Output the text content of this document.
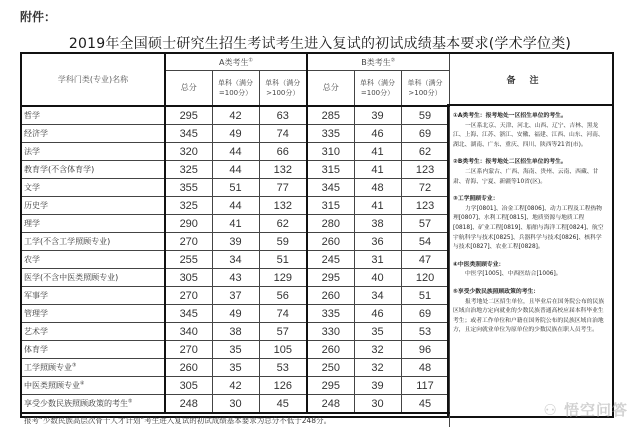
附件：
2019年全国硕士研究生招生考试考生进入复试的初试成绩基本要求(学术学位类)
学科门类(专业)名称	A类考生①			B类考生②
	总分	单科（满分=100分）	单科（满分>100分）	总分	单科（满分=100分）	单科（满分>100分）
哲学	295	42	63	285	39	59
经济学	345	49	74	335	46	69
法学	320	44	66	310	41	62
教育学(不含体育学)	325	44	132	315	41	123
文学	355	51	77	345	48	72
历史学	325	44	132	315	41	123
理学	290	41	62	280	38	57
工学(不含工学照顾专业)	270	39	59	260	36	54
农学	255	34	51	245	31	47
医学(不含中医类照顾专业)	305	43	129	295	40	120
军事学	270	37	56	260	34	51
管理学	345	49	74	335	46	69
艺术学	340	38	57	330	35	53
体育学	270	35	105	260	32	96
工学照顾专业③	260	35	53	250	32	48
中医类照顾专业④	305	42	126	295	39	117
享受少数民族照顾政策的考生⑤	248	30	45	248	30	45
报考“少数民族高层次骨干人才计划”考生进入复试的初试成绩基本要求为总分不低于248分。						
备注
①A类考生：报考地处一区招生单位的考生。
一区系北京、天津、河北、山西、辽宁、吉林、黑龙江、上海、江苏、浙江、安徽、福建、江西、山东、河南、湖北、湖南、广东、重庆、四川、陕西等21省(市)。
②B类考生：报考地处二区招生单位的考生。
二区系内蒙古、广西、海南、贵州、云南、西藏、甘肃、青海、宁夏、新疆等10省(区)。
③工学照顾专业：
力学[0801]、冶金工程[0806]、动力工程及工程热物理[0807]、水利工程[0815]、地质资源与地质工程[0818]、矿业工程[0819]、船舶与海洋工程[0824]、航空宇航科学与技术[0825]、兵器科学与技术[0826]、核科学与技术[0827]、农业工程[0828]。
④中医类照顾专业：
中医学[1005]、中西医结合[1006]。
⑤享受少数民族照顾政策的考生：
报考地处二区招生单位，且毕业后在国务院公布的民族区域自治地方定向就业的少数民族普通高校应届本科毕业生考生；或者工作单位和户籍在国务院公布的民族区域自治地方，且定向就业单位为原单位的少数民族在职人员考生。
⚇ 悟空问答
